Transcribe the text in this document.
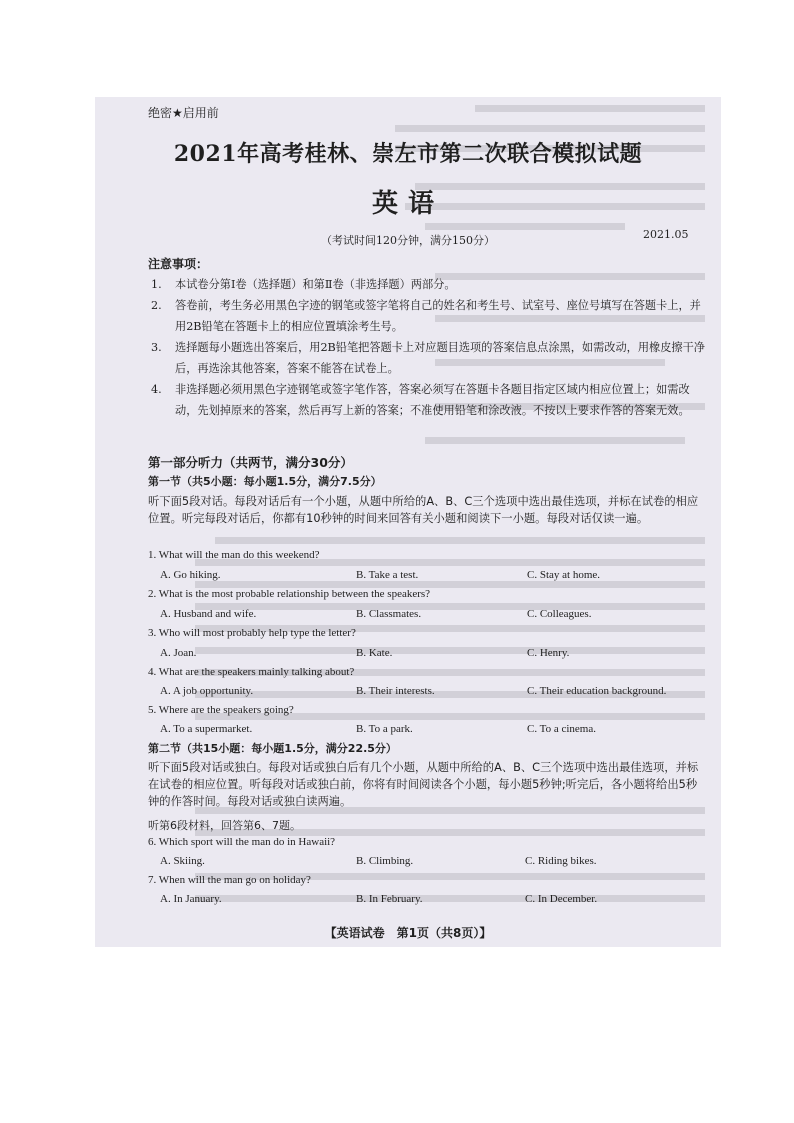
绝密★启用前
2021年高考桂林、崇左市第二次联合模拟试题
英语
2021.05
（考试时间120分钟，满分150分）
注意事项：
1. 本试卷分第Ⅰ卷（选择题）和第Ⅱ卷（非选择题）两部分。
2. 答卷前，考生务必用黑色字迹的钢笔或签字笔将自己的姓名和考生号、试室号、座位号填写在答题卡上，并用2B铅笔在答题卡上的相应位置填涂考生号。
3. 选择题每小题选出答案后，用2B铅笔把答题卡上对应题目选项的答案信息点涂黑，如需改动，用橡皮擦干净后，再选涂其他答案，答案不能答在试卷上。
4. 非选择题必须用黑色字迹钢笔或签字笔作答，答案必须写在答题卡各题目指定区域内相应位置上；如需改动，先划掉原来的答案，然后再写上新的答案；不准使用铅笔和涂改液。不按以上要求作答的答案无效。
第一部分听力（共两节，满分30分）
第一节（共5小题：每小题1.5分，满分7.5分）
听下面5段对话。每段对话后有一个小题，从题中所给的A、B、C三个选项中选出最佳选项，并标在试卷的相应位置。听完每段对话后，你都有10秒钟的时间来回答有关小题和阅读下一小题。每段对话仅读一遍。
1. What will the man do this weekend?
A. Go hiking.	B. Take a test.	C. Stay at home.
2. What is the most probable relationship between the speakers?
A. Husband and wife.	B. Classmates.	C. Colleagues.
3. Who will most probably help type the letter?
A. Joan.	B. Kate.	C. Henry.
4. What are the speakers mainly talking about?
A. A job opportunity.	B. Their interests.	C. Their education background.
5. Where are the speakers going?
A. To a supermarket.	B. To a park.	C. To a cinema.
第二节（共15小题：每小题1.5分，满分22.5分）
听下面5段对话或独白。每段对话或独白后有几个小题，从题中所给的A、B、C三个选项中选出最佳选项，并标在试卷的相应位置。听每段对话或独白前，你将有时间阅读各个小题，每小题5秒钟;听完后，各小题将给出5秒钟的作答时间。每段对话或独白读两遍。
听第6段材料，回答第6、7题。
6. Which sport will the man do in Hawaii?
A. Skiing.	B. Climbing.	C. Riding bikes.
7. When will the man go on holiday?
A. In January.	B. In February.	C. In December.
【英语试卷　第1页（共8页）】
